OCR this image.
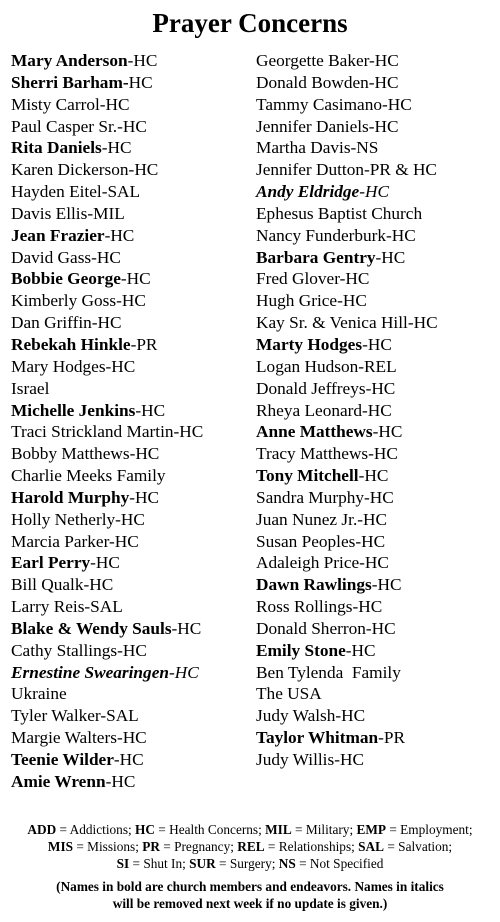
Prayer Concerns
Mary Anderson-HC
Sherri Barham-HC
Misty Carrol-HC
Paul Casper Sr.-HC
Rita Daniels-HC
Karen Dickerson-HC
Hayden Eitel-SAL
Davis Ellis-MIL
Jean Frazier-HC
David Gass-HC
Bobbie George-HC
Kimberly Goss-HC
Dan Griffin-HC
Rebekah Hinkle-PR
Mary Hodges-HC
Israel
Michelle Jenkins-HC
Traci Strickland Martin-HC
Bobby Matthews-HC
Charlie Meeks Family
Harold Murphy-HC
Holly Netherly-HC
Marcia Parker-HC
Earl Perry-HC
Bill Qualk-HC
Larry Reis-SAL
Blake & Wendy Sauls-HC
Cathy Stallings-HC
Ernestine Swearingen-HC
Ukraine
Tyler Walker-SAL
Margie Walters-HC
Teenie Wilder-HC
Amie Wrenn-HC
Georgette Baker-HC
Donald Bowden-HC
Tammy Casimano-HC
Jennifer Daniels-HC
Martha Davis-NS
Jennifer Dutton-PR & HC
Andy Eldridge-HC
Ephesus Baptist Church
Nancy Funderburk-HC
Barbara Gentry-HC
Fred Glover-HC
Hugh Grice-HC
Kay Sr. & Venica Hill-HC
Marty Hodges-HC
Logan Hudson-REL
Donald Jeffreys-HC
Rheya Leonard-HC
Anne Matthews-HC
Tracy Matthews-HC
Tony Mitchell-HC
Sandra Murphy-HC
Juan Nunez Jr.-HC
Susan Peoples-HC
Adaleigh Price-HC
Dawn Rawlings-HC
Ross Rollings-HC
Donald Sherron-HC
Emily Stone-HC
Ben Tylenda  Family
The USA
Judy Walsh-HC
Taylor Whitman-PR
Judy Willis-HC
ADD = Addictions; HC = Health Concerns; MIL = Military; EMP = Employment;
MIS = Missions; PR = Pregnancy; REL = Relationships; SAL = Salvation;
SI = Shut In; SUR = Surgery; NS = Not Specified
(Names in bold are church members and endeavors. Names in italics
will be removed next week if no update is given.)
